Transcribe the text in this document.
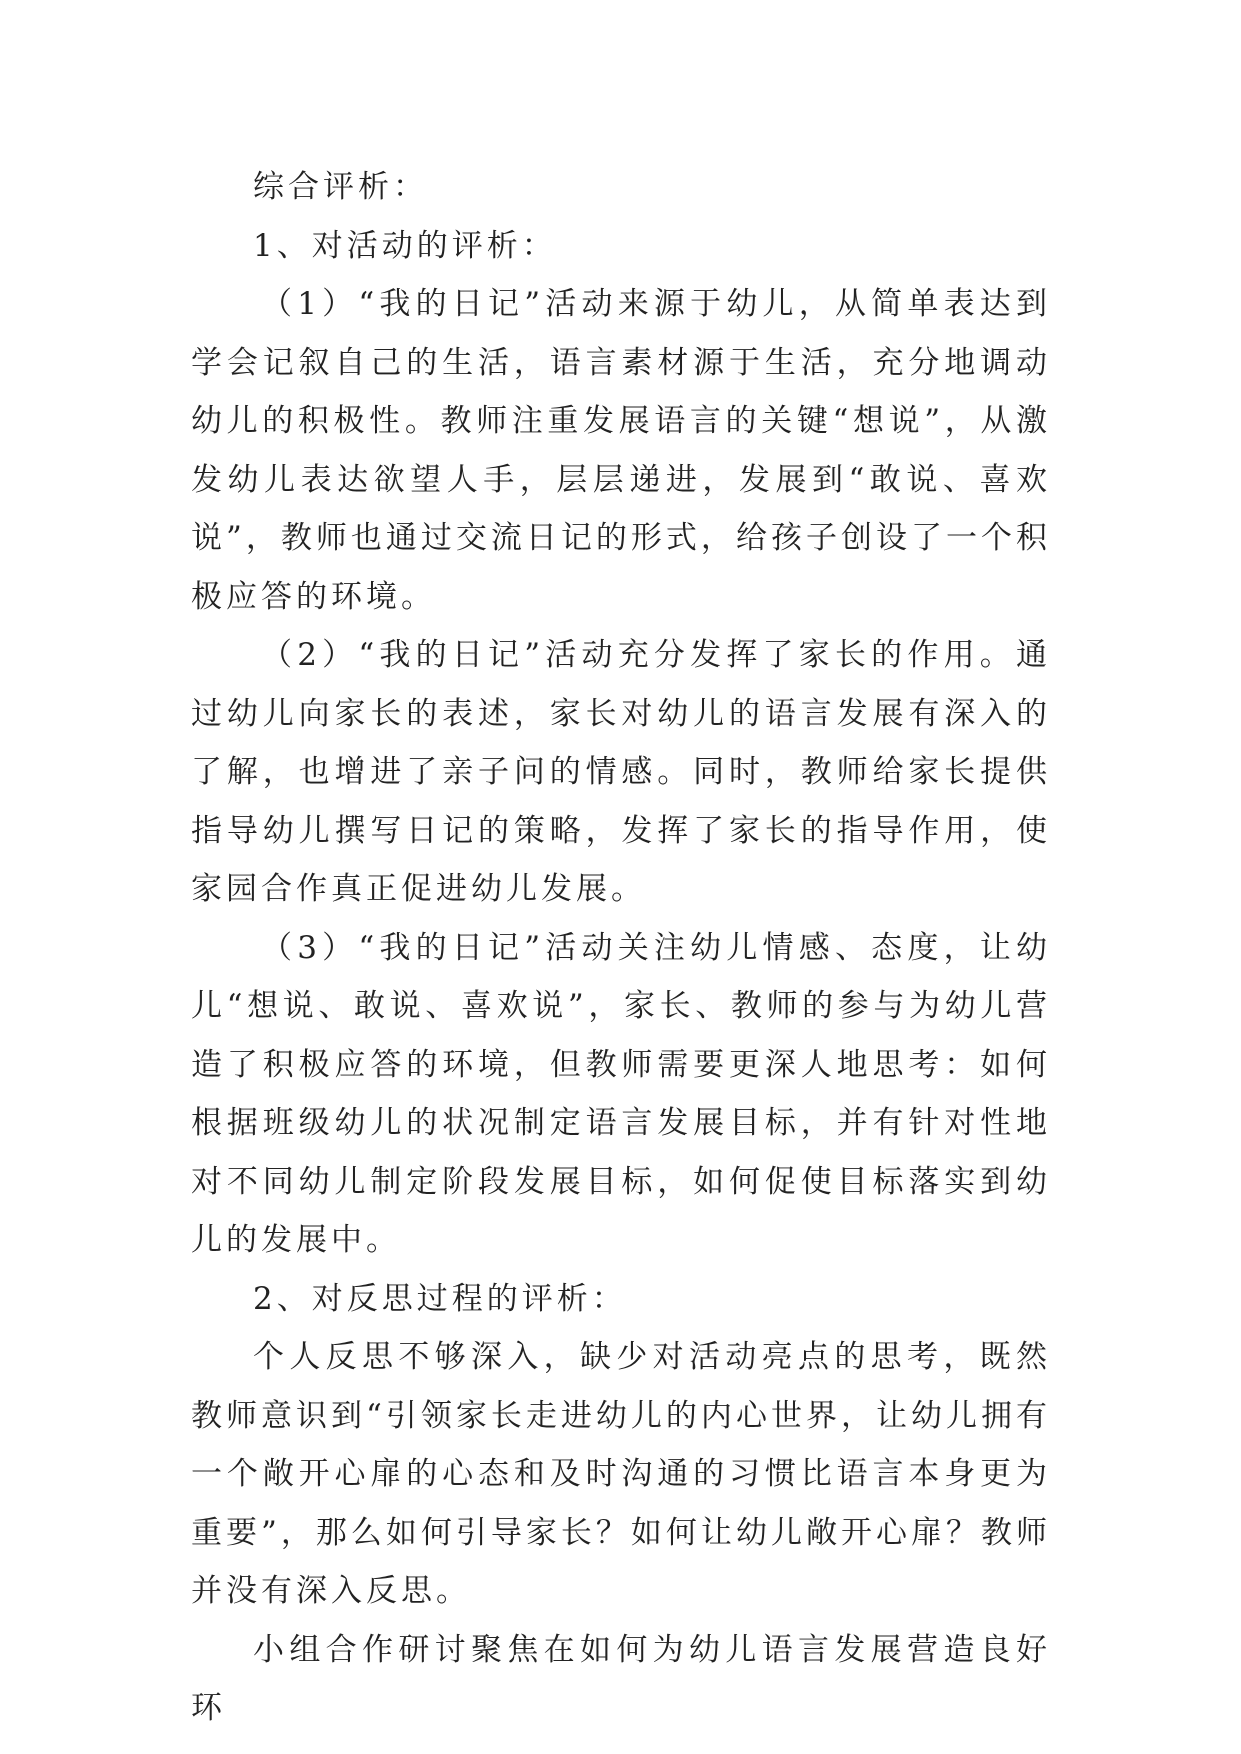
综合评析：

1、对活动的评析：

（1）“我的日记”活动来源于幼儿，从简单表达到学会记叙自己的生活，语言素材源于生活，充分地调动幼儿的积极性。教师注重发展语言的关键“想说”，从激发幼儿表达欲望人手，层层递进，发展到“敢说、喜欢说”，教师也通过交流日记的形式，给孩子创设了一个积极应答的环境。

（2）“我的日记”活动充分发挥了家长的作用。通过幼儿向家长的表述，家长对幼儿的语言发展有深入的了解，也增进了亲子问的情感。同时，教师给家长提供指导幼儿撰写日记的策略，发挥了家长的指导作用，使家园合作真正促进幼儿发展。

（3）“我的日记”活动关注幼儿情感、态度，让幼儿“想说、敢说、喜欢说”，家长、教师的参与为幼儿营造了积极应答的环境，但教师需要更深人地思考：如何根据班级幼儿的状况制定语言发展目标，并有针对性地对不同幼儿制定阶段发展目标，如何促使目标落实到幼儿的发展中。

2、对反思过程的评析：

个人反思不够深入，缺少对活动亮点的思考，既然教师意识到“引领家长走进幼儿的内心世界，让幼儿拥有一个敞开心扉的心态和及时沟通的习惯比语言本身更为重要”，那么如何引导家长？如何让幼儿敞开心扉？教师并没有深入反思。

小组合作研讨聚焦在如何为幼儿语言发展营造良好环
